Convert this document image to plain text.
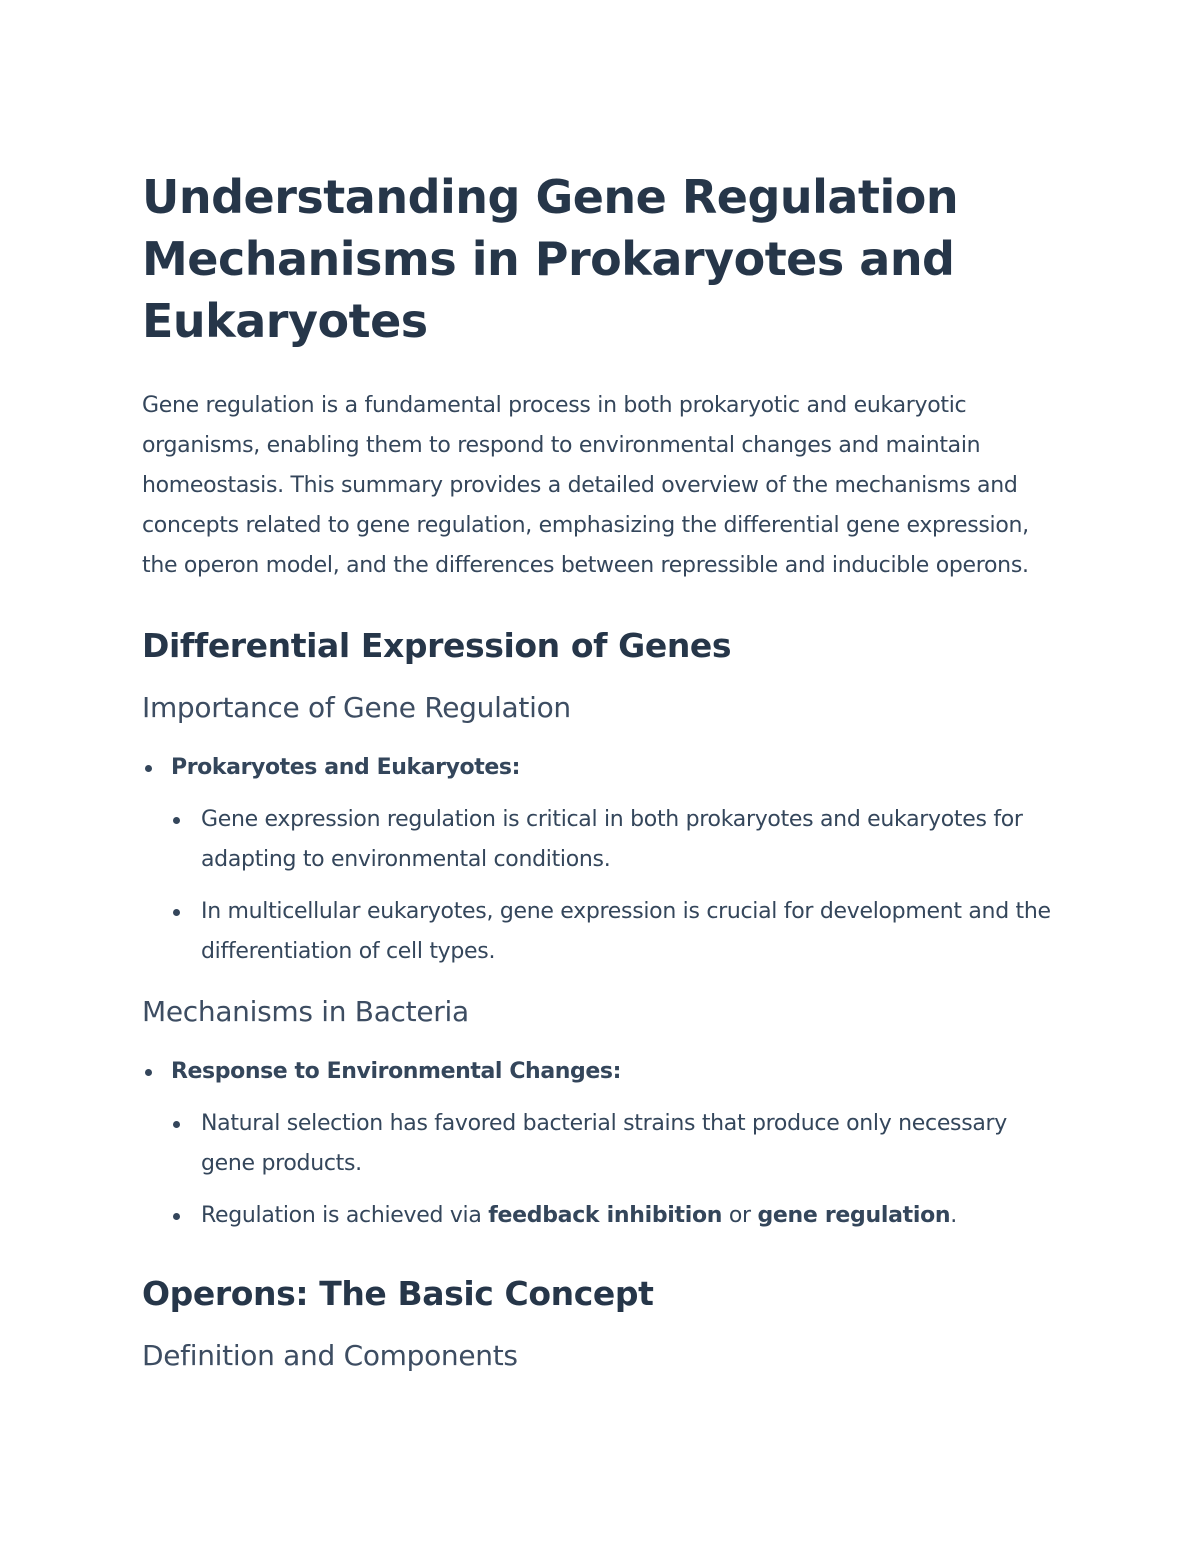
Understanding Gene Regulation Mechanisms in Prokaryotes and Eukaryotes

Gene regulation is a fundamental process in both prokaryotic and eukaryotic organisms, enabling them to respond to environmental changes and maintain homeostasis. This summary provides a detailed overview of the mechanisms and concepts related to gene regulation, emphasizing the differential gene expression, the operon model, and the differences between repressible and inducible operons.

Differential Expression of Genes
Importance of Gene Regulation
Prokaryotes and Eukaryotes:
Gene expression regulation is critical in both prokaryotes and eukaryotes for adapting to environmental conditions.
In multicellular eukaryotes, gene expression is crucial for development and the differentiation of cell types.
Mechanisms in Bacteria
Response to Environmental Changes:
Natural selection has favored bacterial strains that produce only necessary gene products.
Regulation is achieved via feedback inhibition or gene regulation.
Operons: The Basic Concept
Definition and Components
